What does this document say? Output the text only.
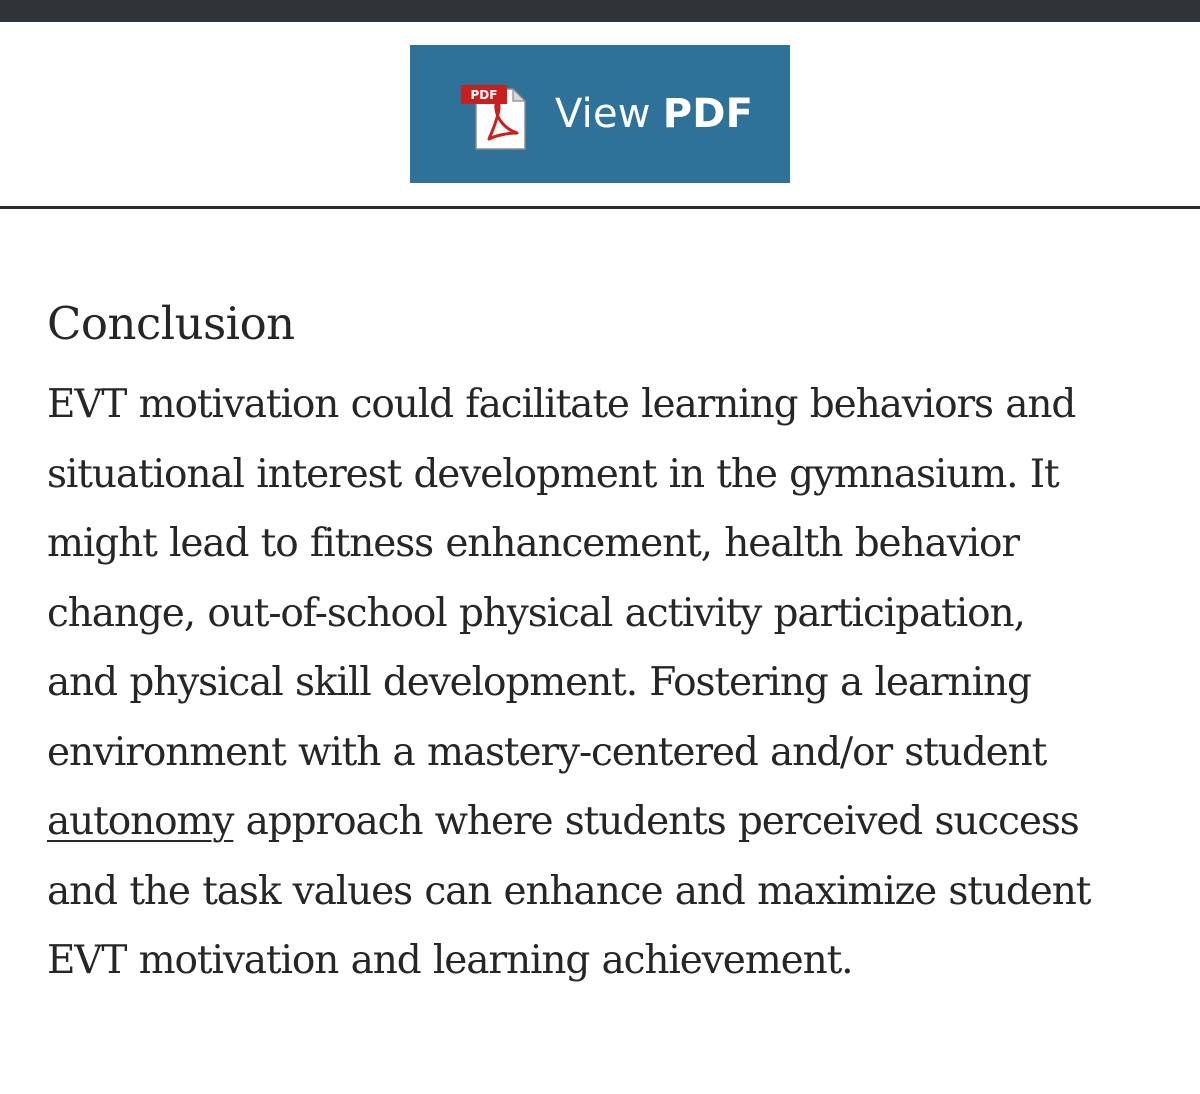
PDF View PDF
Conclusion

EVT motivation could facilitate learning behaviors and
situational interest development in the gymnasium. It
might lead to fitness enhancement, health behavior
change, out-of-school physical activity participation,
and physical skill development. Fostering a learning
environment with a mastery-centered and/or student
autonomy approach where students perceived success
and the task values can enhance and maximize student
EVT motivation and learning achievement.
